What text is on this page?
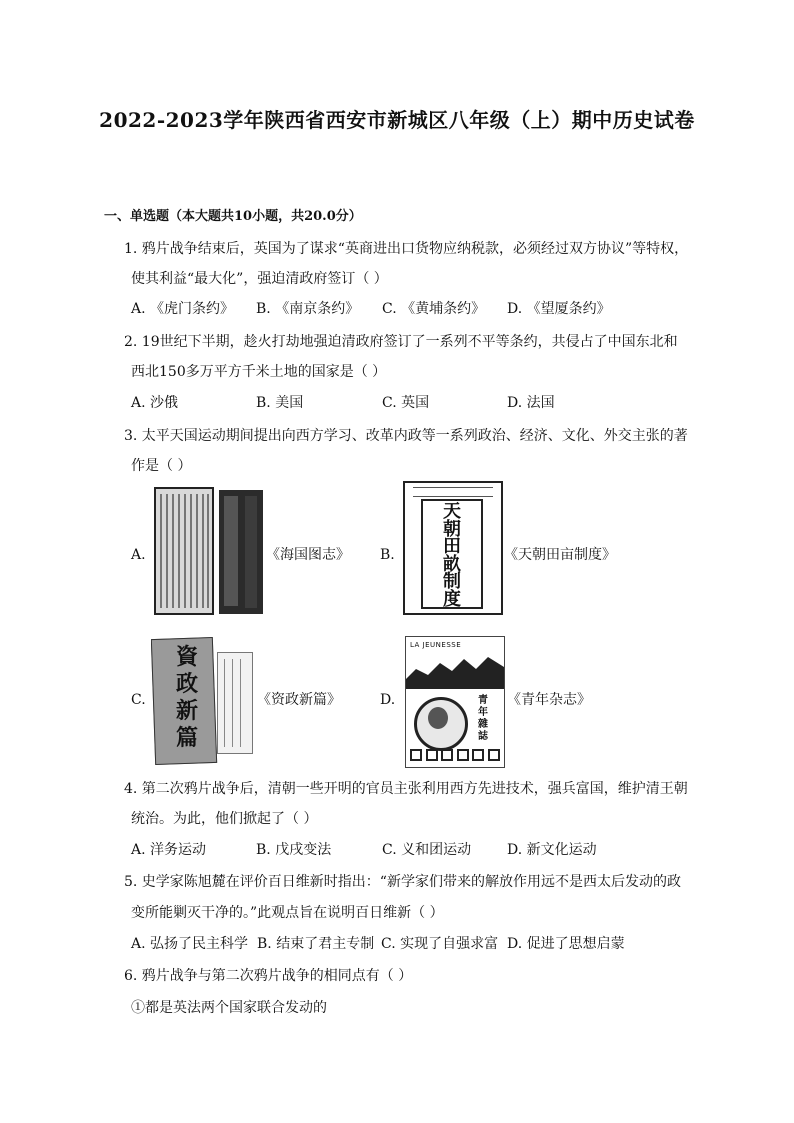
2022-2023学年陕西省西安市新城区八年级（上）期中历史试卷
一、单选题（本大题共10小题，共20.0分）
1. 鸦片战争结束后，英国为了谋求“英商进出口货物应纳税款，必须经过双方协议”等特权，
使其利益“最大化”，强迫清政府签订（ ）
A. 《虎门条约》 B. 《南京条约》 C. 《黄埔条约》 D. 《望厦条约》
2. 19世纪下半期，趁火打劫地强迫清政府签订了一系列不平等条约，共侵占了中国东北和
西北150多万平方千米土地的国家是（ ）
A. 沙俄	B. 美国	C. 英国	D. 法国
3. 太平天国运动期间提出向西方学习、改革内政等一系列政治、经济、文化、外交主张的著
作是（ ）
A.	《海国图志》 B.
天
朝
田
畝
制
度
《天朝田亩制度》
C.
資
政
新
篇
《资政新篇》	D.
LA JEUNESSE
青
年
雜
誌
《青年杂志》
4. 第二次鸦片战争后，清朝一些开明的官员主张利用西方先进技术，强兵富国，维护清王朝
统治。为此，他们掀起了（ ）
A. 洋务运动	B. 戊戌变法	C. 义和团运动	D. 新文化运动
5. 史学家陈旭麓在评价百日维新时指出：“新学家们带来的解放作用远不是西太后发动的政
变所能剿灭干净的。”此观点旨在说明百日维新（ ）
A. 弘扬了民主科学 B. 结束了君主专制 C. 实现了自强求富 D. 促进了思想启蒙
6. 鸦片战争与第二次鸦片战争的相同点有（ ）
①都是英法两个国家联合发动的
